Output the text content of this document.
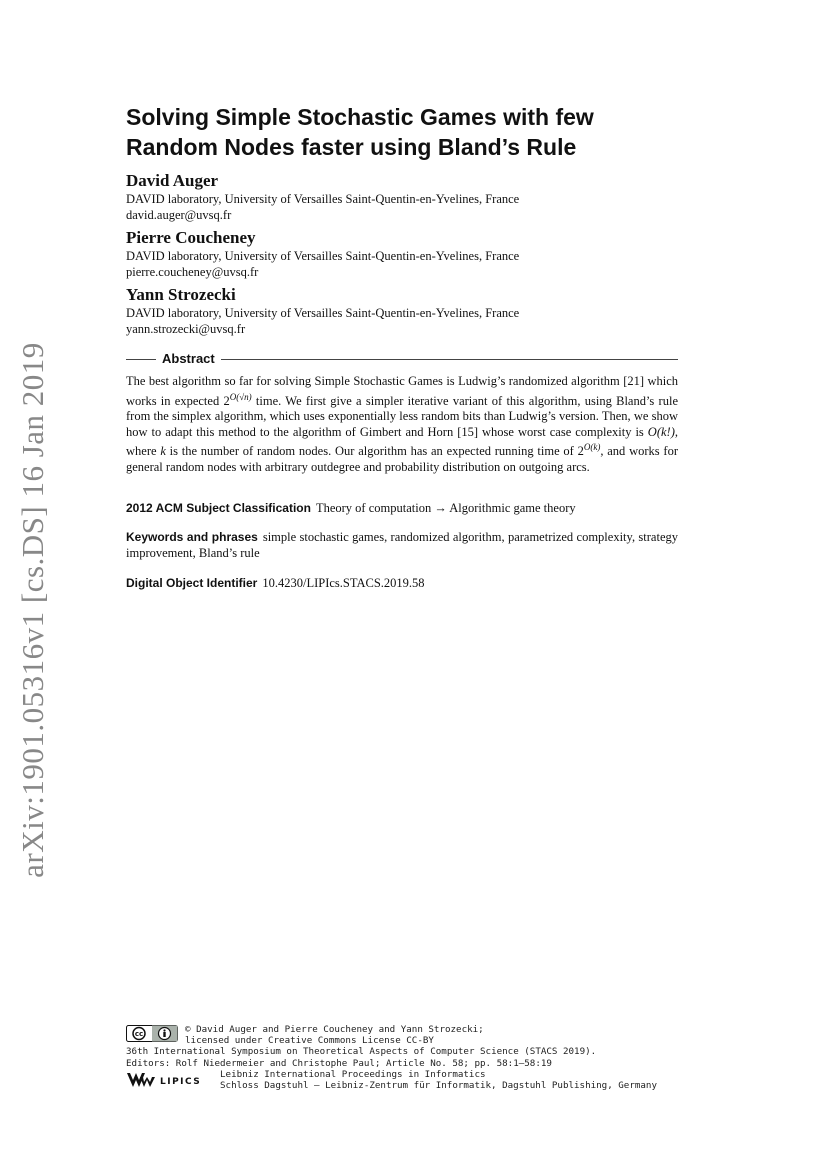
arXiv:1901.05316v1 [cs.DS] 16 Jan 2019
Solving Simple Stochastic Games with few
Random Nodes faster using Bland’s Rule
David Auger
DAVID laboratory, University of Versailles Saint-Quentin-en-Yvelines, France
david.auger@uvsq.fr
Pierre Coucheney
DAVID laboratory, University of Versailles Saint-Quentin-en-Yvelines, France
pierre.coucheney@uvsq.fr
Yann Strozecki
DAVID laboratory, University of Versailles Saint-Quentin-en-Yvelines, France
yann.strozecki@uvsq.fr
Abstract
The best algorithm so far for solving Simple Stochastic Games is Ludwig’s randomized algorithm [21] which works in expected $2^{O(√n)}$ time. We first give a simpler iterative variant of this algorithm, using Bland’s rule from the simplex algorithm, which uses exponentially less random bits than Ludwig’s version. Then, we show how to adapt this method to the algorithm of Gimbert and Horn [15] whose worst case complexity is O(k!), where k is the number of random nodes. Our algorithm has an expected running time of $2^{O(k)}$, and works for general random nodes with arbitrary outdegree and probability distribution on outgoing arcs.
2012 ACM Subject Classification Theory of computation → Algorithmic game theory
Keywords and phrases simple stochastic games, randomized algorithm, parametrized complexity, strategy improvement, Bland’s rule
Digital Object Identifier 10.4230/LIPIcs.STACS.2019.58
cc	© David Auger and Pierre Coucheney and Yann Strozecki;
licensed under Creative Commons License CC-BY
36th International Symposium on Theoretical Aspects of Computer Science (STACS 2019).
Editors: Rolf Niedermeier and Christophe Paul; Article No. 58; pp. 58:1–58:19
LIPICS
Leibniz International Proceedings in Informatics
Schloss Dagstuhl – Leibniz-Zentrum für Informatik, Dagstuhl Publishing, Germany
